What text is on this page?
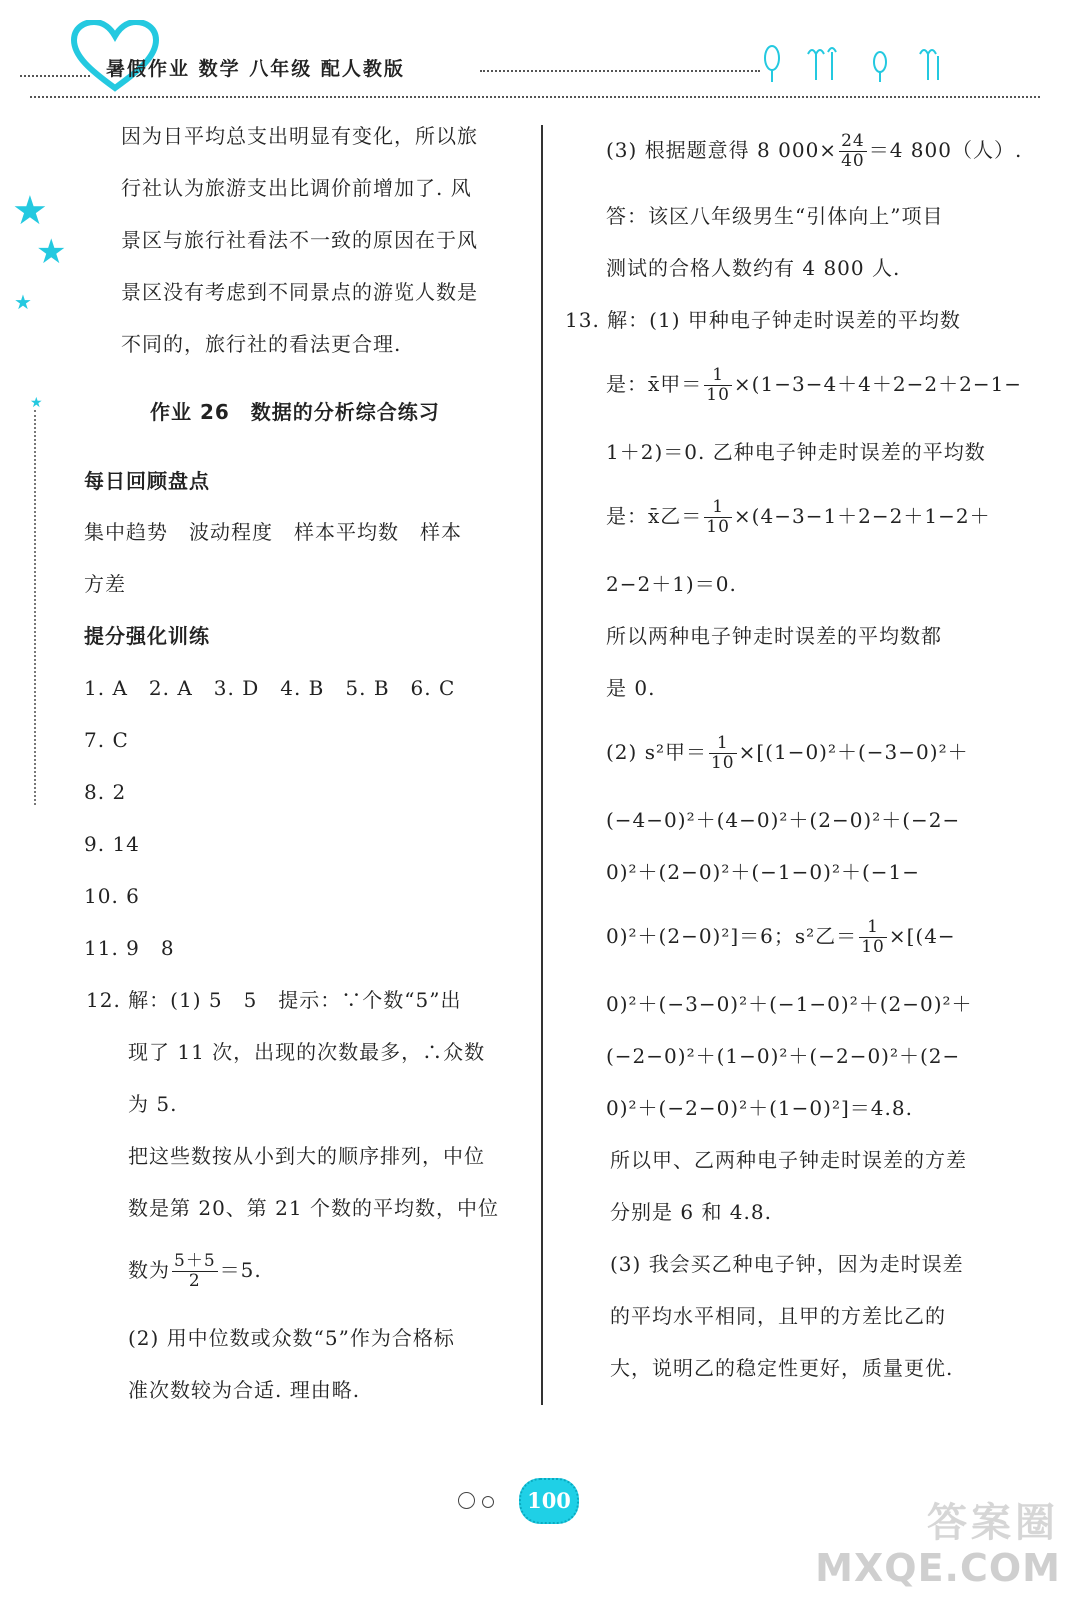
暑假作业 数学 八年级 配人教版
★
★
★
★
因为日平均总支出明显有变化，所以旅
行社认为旅游支出比调价前增加了. 风
景区与旅行社看法不一致的原因在于风
景区没有考虑到不同景点的游览人数是
不同的，旅行社的看法更合理.
作业 26　数据的分析综合练习
每日回顾盘点
集中趋势　波动程度　样本平均数　样本
方差
提分强化训练
1. A　2. A　3. D　4. B　5. B　6. C
7. C
8. 2
9. 14
10. 6
11. 9　8
12. 解：(1) 5　5　提示：∵个数“5”出
现了 11 次，出现的次数最多，∴众数
为 5.
把这些数按从小到大的顺序排列，中位
数是第 20、第 21 个数的平均数，中位
数为 $\frac{5+5}{2} =5$.
(2) 用中位数或众数“5”作为合格标
准次数较为合适. 理由略.
(3) 根据题意得 8 $000\times \frac{24}{40} =4$ 800（人）.
答：该区八年级男生“引体向上”项目
测试的合格人数约有 4 800 人.
13. 解：(1) 甲种电子钟走时误差的平均数
是：x̄甲＝ $\frac{1}{10} \times(1-3-4+4+2-2+2-1-$
1＋2)＝0. 乙种电子钟走时误差的平均数
是：x̄乙＝ $\frac{1}{10} \times(4-3-1+2-2+1-2+$
2−2＋1)＝0.
所以两种电子钟走时误差的平均数都
是 0.
(2) s²甲＝ $\frac{1}{10} \times[(1-0)^2+(-3-0)^2+$
(−4−0)²＋(4−0)²＋(2−0)²＋(−2−
0)²＋(2−0)²＋(−1−0)²＋(−1−
0)²＋(2−0)²]＝6；s²乙＝ $\frac{1}{10} \times[(4-$
0)²＋(−3−0)²＋(−1−0)²＋(2−0)²＋
(−2−0)²＋(1−0)²＋(−2−0)²＋(2−
0)²＋(−2−0)²＋(1−0)²]＝4.8.
所以甲、乙两种电子钟走时误差的方差
分别是 6 和 4.8.
(3) 我会买乙种电子钟，因为走时误差
的平均水平相同，且甲的方差比乙的
大，说明乙的稳定性更好，质量更优.
100	答案圈
MXQE.COM
